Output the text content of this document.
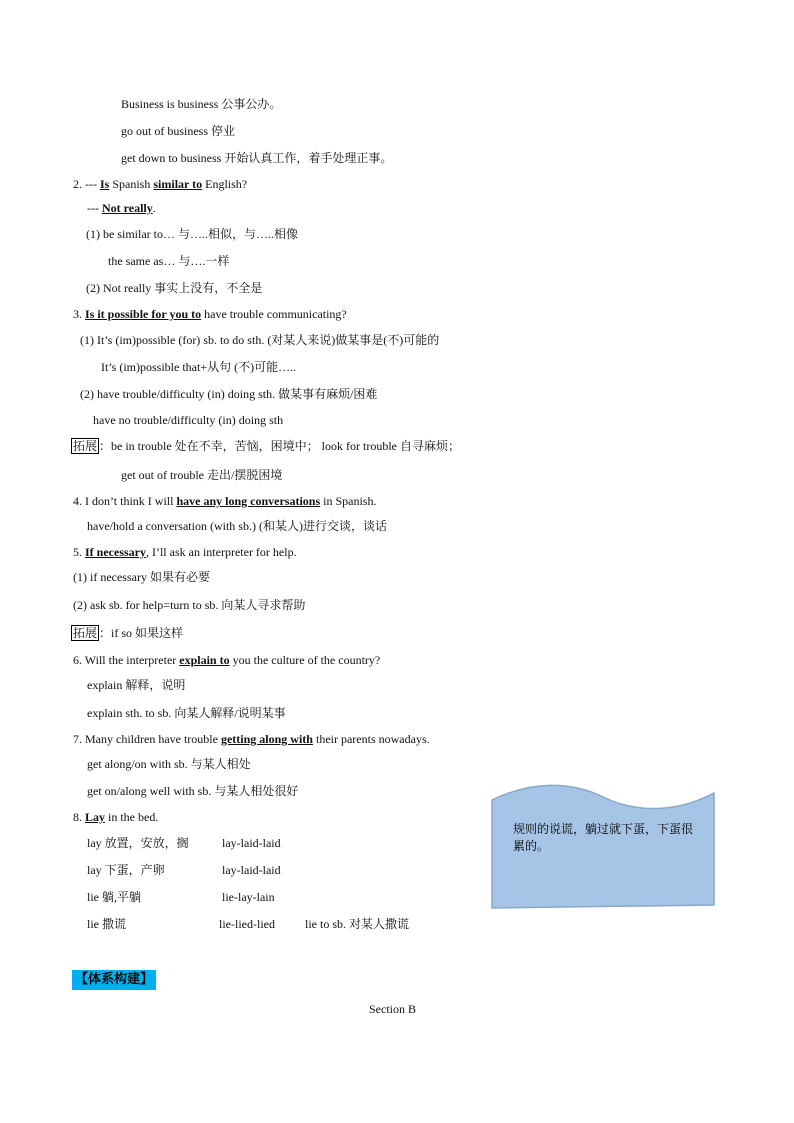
Business is business 公事公办。
go out of business 停业
get down to business 开始认真工作，着手处理正事。
2. --- Is Spanish similar to English?
--- Not really.
(1) be similar to… 与…..相似，与…..相像
the same as… 与….一样
(2) Not really 事实上没有，不全是
3. Is it possible for you to have trouble communicating?
(1) It’s (im)possible (for) sb. to do sth. (对某人来说)做某事是(不)可能的
It’s (im)possible that+从句 (不)可能…..
(2) have trouble/difficulty (in) doing sth. 做某事有麻烦/困难
have no trouble/difficulty (in) doing sth
拓展 ：be in trouble 处在不幸，苦恼，困境中； look for trouble 自寻麻烦；
get out of trouble 走出/摆脱困境
4. I don’t think I will have any long conversations in Spanish.
have/hold a conversation (with sb.) (和某人)进行交谈，谈话
5. If necessary, I’ll ask an interpreter for help.
(1) if necessary 如果有必要
(2) ask sb. for help=turn to sb. 向某人寻求帮助
拓展 ：if so 如果这样
6. Will the interpreter explain to you the culture of the country?
explain 解释，说明
explain sth. to sb. 向某人解释/说明某事
7. Many children have trouble getting along with their parents nowadays.
get along/on with sb. 与某人相处
get on/along well with sb. 与某人相处很好
8. Lay in the bed.
lay 放置，安放，搁	lay-laid-laid
lay 下蛋，产卵	lay-laid-laid
lie 躺,平躺	lie-lay-lain
lie 撒谎	lie-lied-lied	lie to sb. 对某人撒谎
规则的说谎，躺过就下蛋，下蛋很累的。
【体系构建】
Section B
